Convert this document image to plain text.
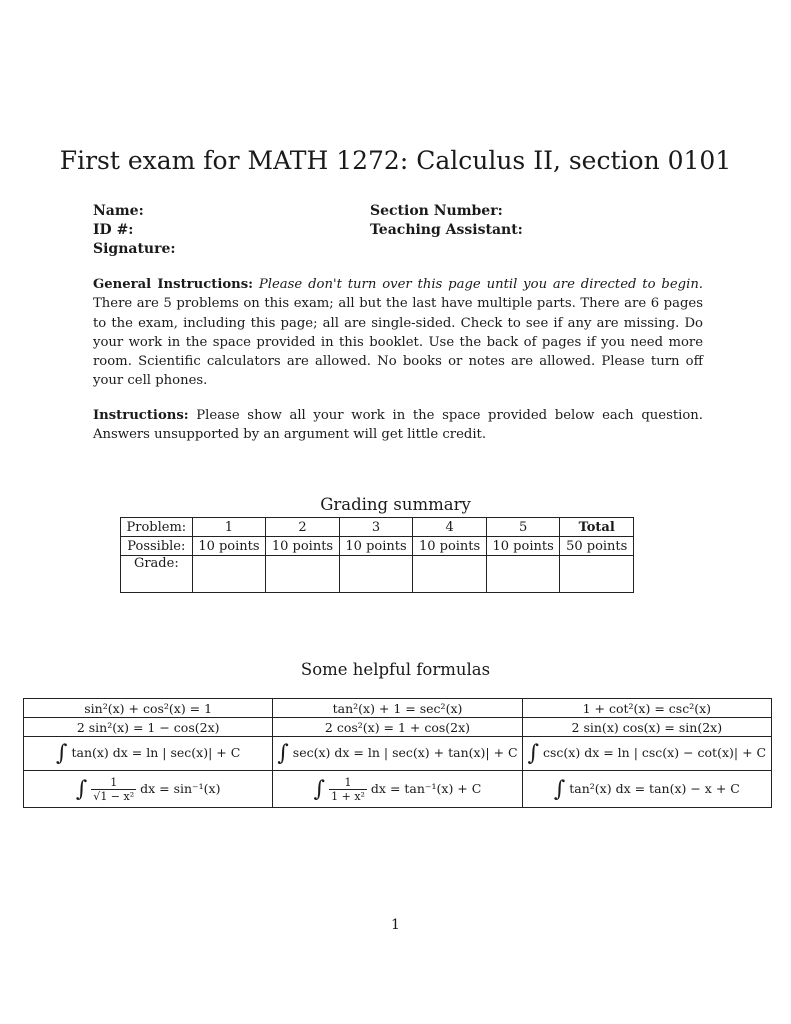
First exam for MATH 1272: Calculus II, section 0101
Name:
ID #:
Signature:
Section Number:
Teaching Assistant:
General Instructions: Please don't turn over this page until you are directed to begin. There are 5 problems on this exam; all but the last have multiple parts. There are 6 pages to the exam, including this page; all are single-sided. Check to see if any are missing. Do your work in the space provided in this booklet. Use the back of pages if you need more room. Scientific calculators are allowed. No books or notes are allowed. Please turn off your cell phones.
Instructions: Please show all your work in the space provided below each question. Answers unsupported by an argument will get little credit.
Grading summary
Problem:	1	2	3	4	5	Total
Possible:	10 points	10 points	10 points	10 points	10 points	50 points
Grade:						
Some helpful formulas
sin²(x) + cos²(x) = 1	tan²(x) + 1 = sec²(x)	1 + cot²(x) = csc²(x)
2 sin²(x) = 1 − cos(2x)	2 cos²(x) = 1 + cos(2x)	2 sin(x) cos(x) = sin(2x)
∫ tan(x) dx = ln | sec(x)| + C	∫ sec(x) dx = ln | sec(x) + tan(x)| + C	∫ csc(x) dx = ln | csc(x) − cot(x)| + C
∫ $\frac{1}{\text{√1 − x²}}$ dx = sin⁻¹(x)	∫ $\frac{1}{\text{1 + x²}}$ dx = tan⁻¹(x) + C	∫ tan²(x) dx = tan(x) − x + C
1
